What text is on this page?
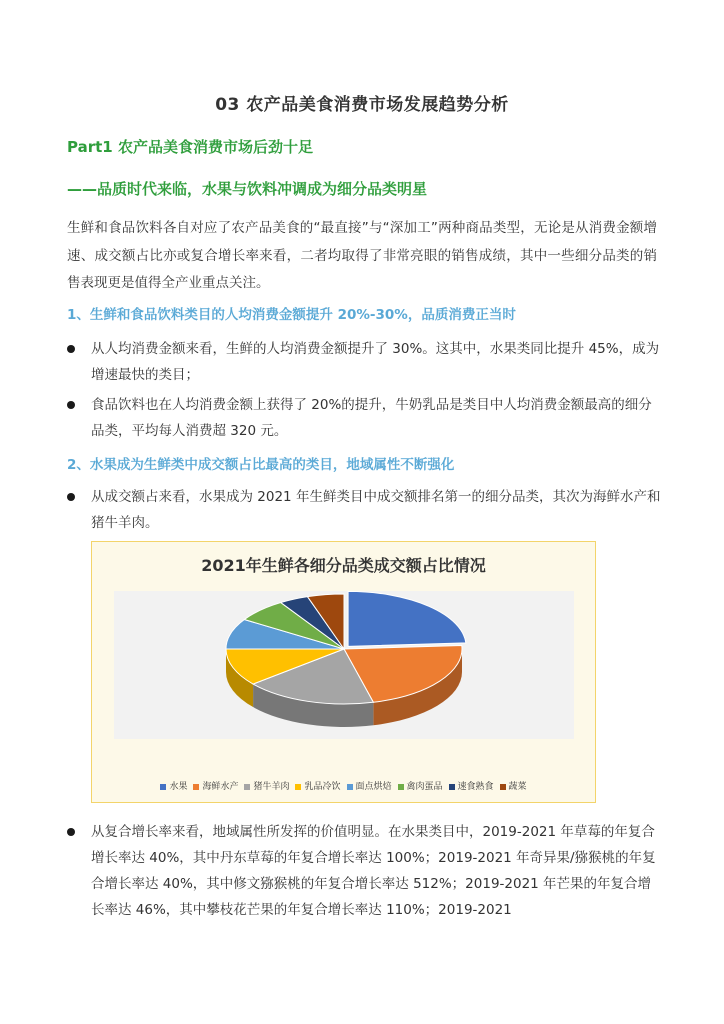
03 农产品美食消费市场发展趋势分析
Part1 农产品美食消费市场后劲十足
——品质时代来临，水果与饮料冲调成为细分品类明星

生鲜和食品饮料各自对应了农产品美食的“最直接”与“深加工”两种商品类型，无论是从消费金额增速、成交额占比亦或复合增长率来看，二者均取得了非常亮眼的销售成绩，其中一些细分品类的销售表现更是值得全产业重点关注。

1、生鲜和食品饮料类目的人均消费金额提升 20%-30%，品质消费正当时
从人均消费金额来看，生鲜的人均消费金额提升了 30%。这其中，水果类同比提升 45%，成为增速最快的类目；
食品饮料也在人均消费金额上获得了 20%的提升，牛奶乳品是类目中人均消费金额最高的细分品类，平均每人消费超 320 元。
2、水果成为生鲜类中成交额占比最高的类目，地域属性不断强化
从成交额占来看，水果成为 2021 年生鲜类目中成交额排名第一的细分品类，其次为海鲜水产和猪牛羊肉。
2021年生鲜各细分品类成交额占比情况
水果 海鲜水产 猪牛羊肉 乳品冷饮 面点烘焙 禽肉蛋品 速食熟食 蔬菜
从复合增长率来看，地域属性所发挥的价值明显。在水果类目中，2019-2021 年草莓的年复合增长率达 40%，其中丹东草莓的年复合增长率达 100%；2019-2021 年奇异果/猕猴桃的年复合增长率达 40%，其中修文猕猴桃的年复合增长率达 512%；2019-2021 年芒果的年复合增长率达 46%，其中攀枝花芒果的年复合增长率达 110%；2019-2021
